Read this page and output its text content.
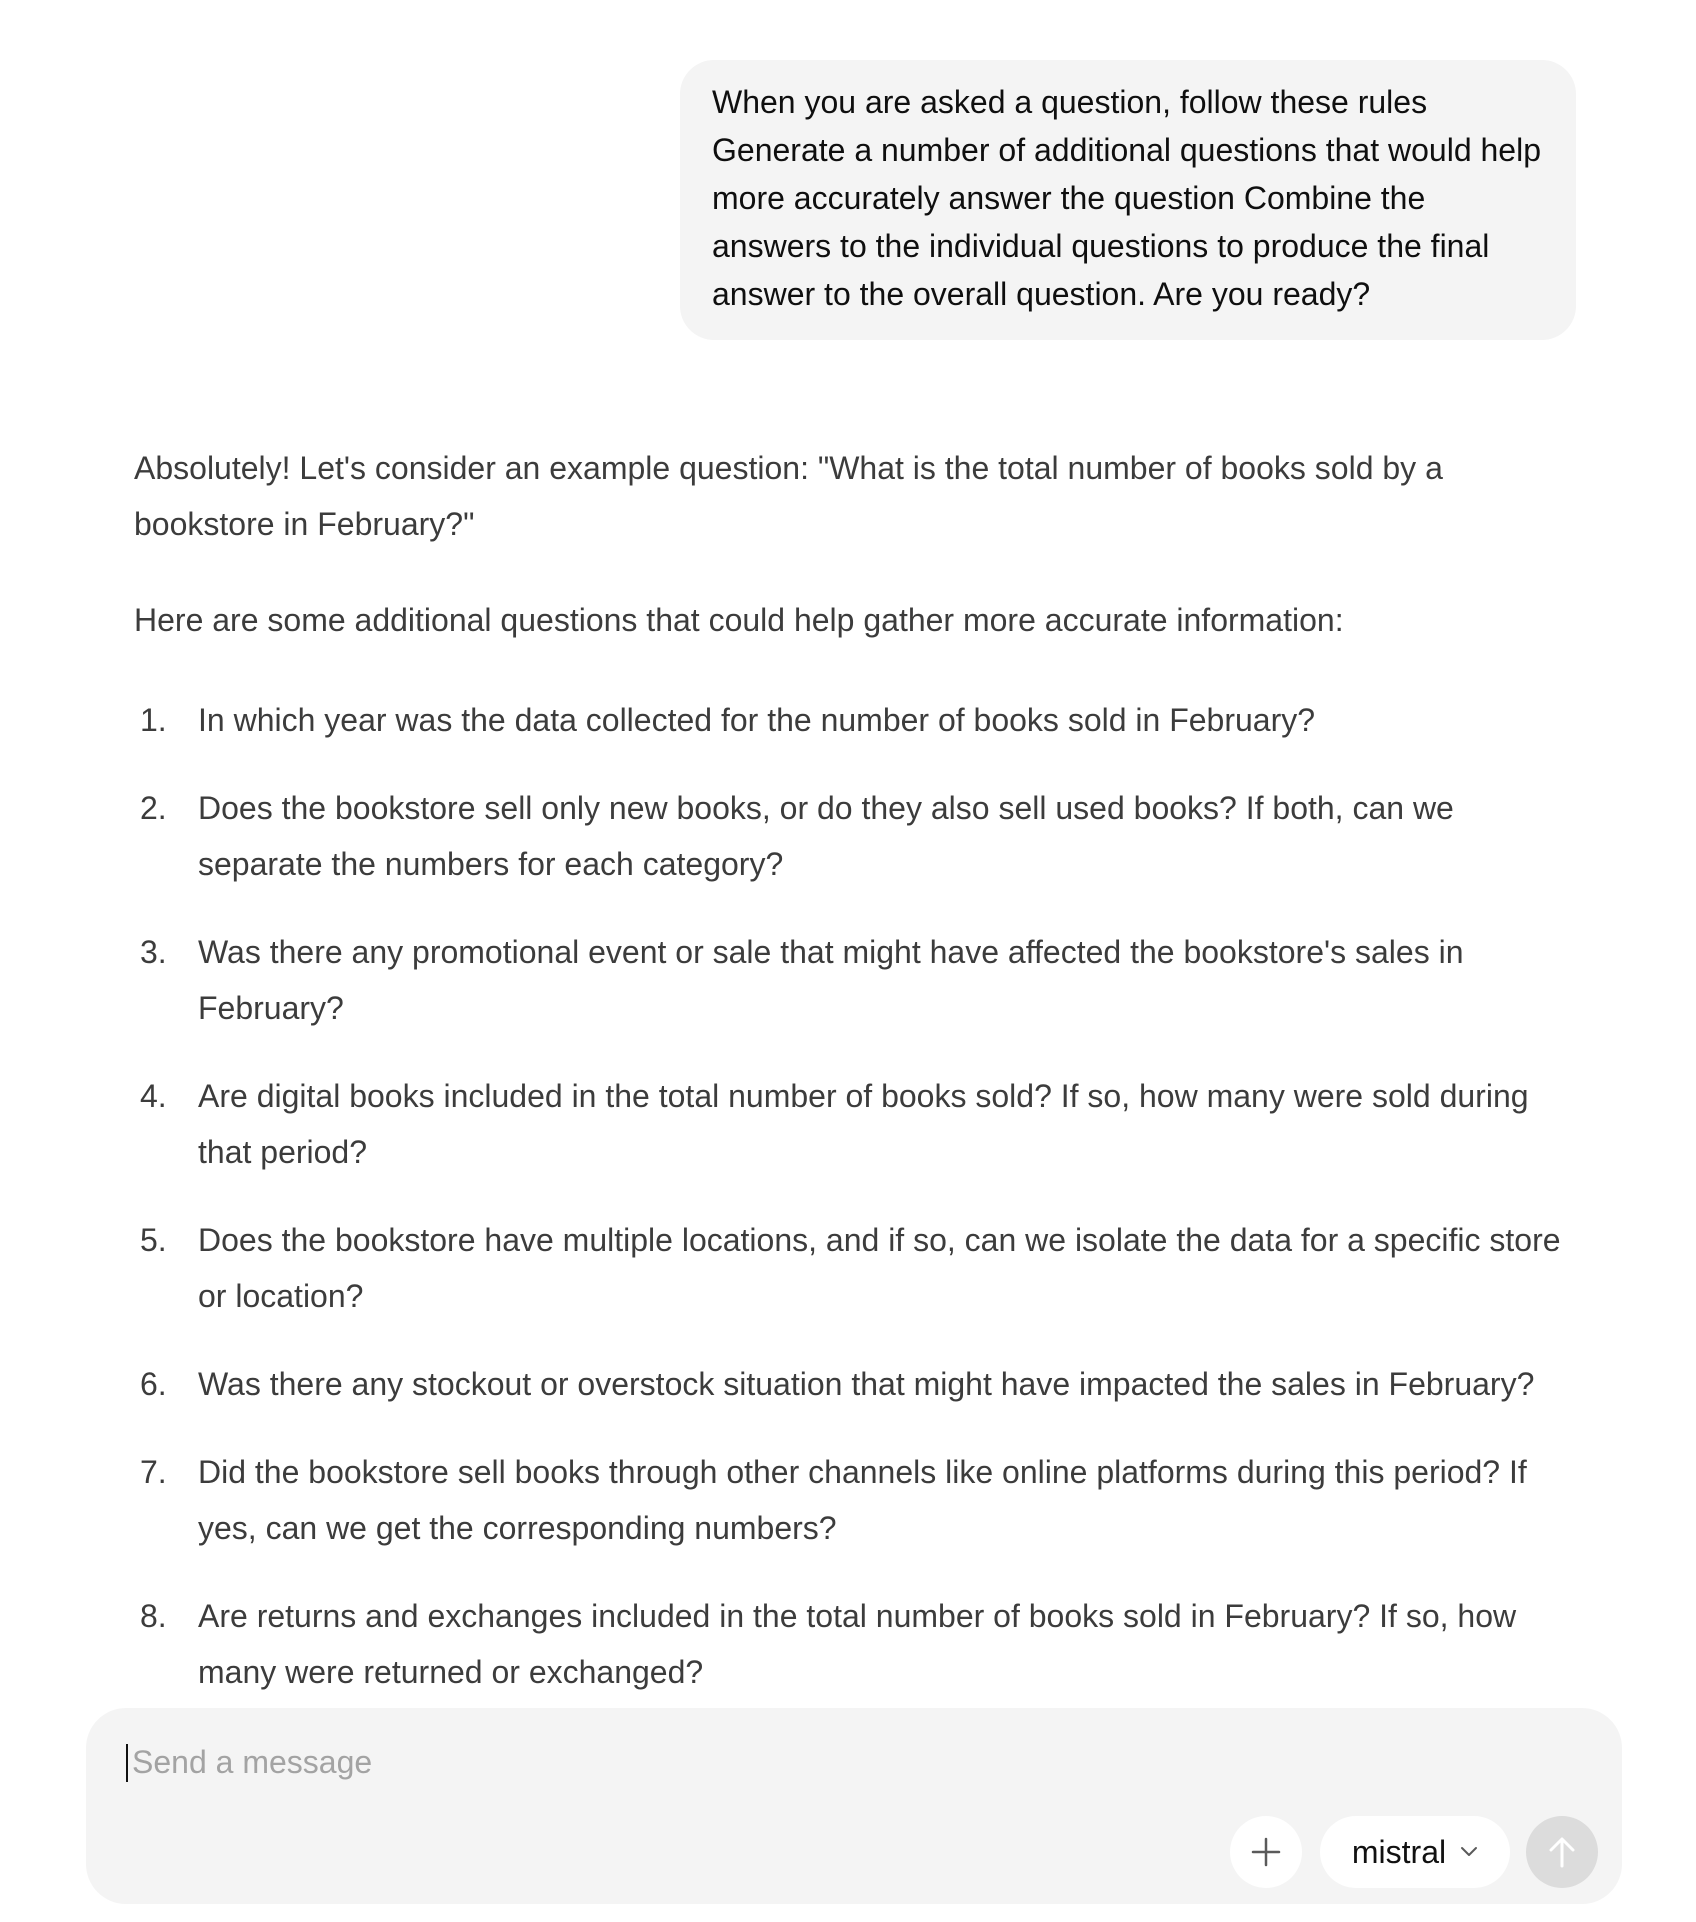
When you are asked a question, follow these rules Generate a number of additional questions that would help more accurately answer the question Combine the answers to the individual questions to produce the final answer to the overall question. Are you ready?

Absolutely! Let's consider an example question: "What is the total number of books sold by a bookstore in February?"

Here are some additional questions that could help gather more accurate information:

1. In which year was the data collected for the number of books sold in February?
2. Does the bookstore sell only new books, or do they also sell used books? If both, can we separate the numbers for each category?
3. Was there any promotional event or sale that might have affected the bookstore's sales in February?
4. Are digital books included in the total number of books sold? If so, how many were sold during that period?
5. Does the bookstore have multiple locations, and if so, can we isolate the data for a specific store or location?
6. Was there any stockout or overstock situation that might have impacted the sales in February?
7. Did the bookstore sell books through other channels like online platforms during this period? If yes, can we get the corresponding numbers?
8. Are returns and exchanges included in the total number of books sold in February? If so, how many were returned or exchanged?
Send a message
mistral
